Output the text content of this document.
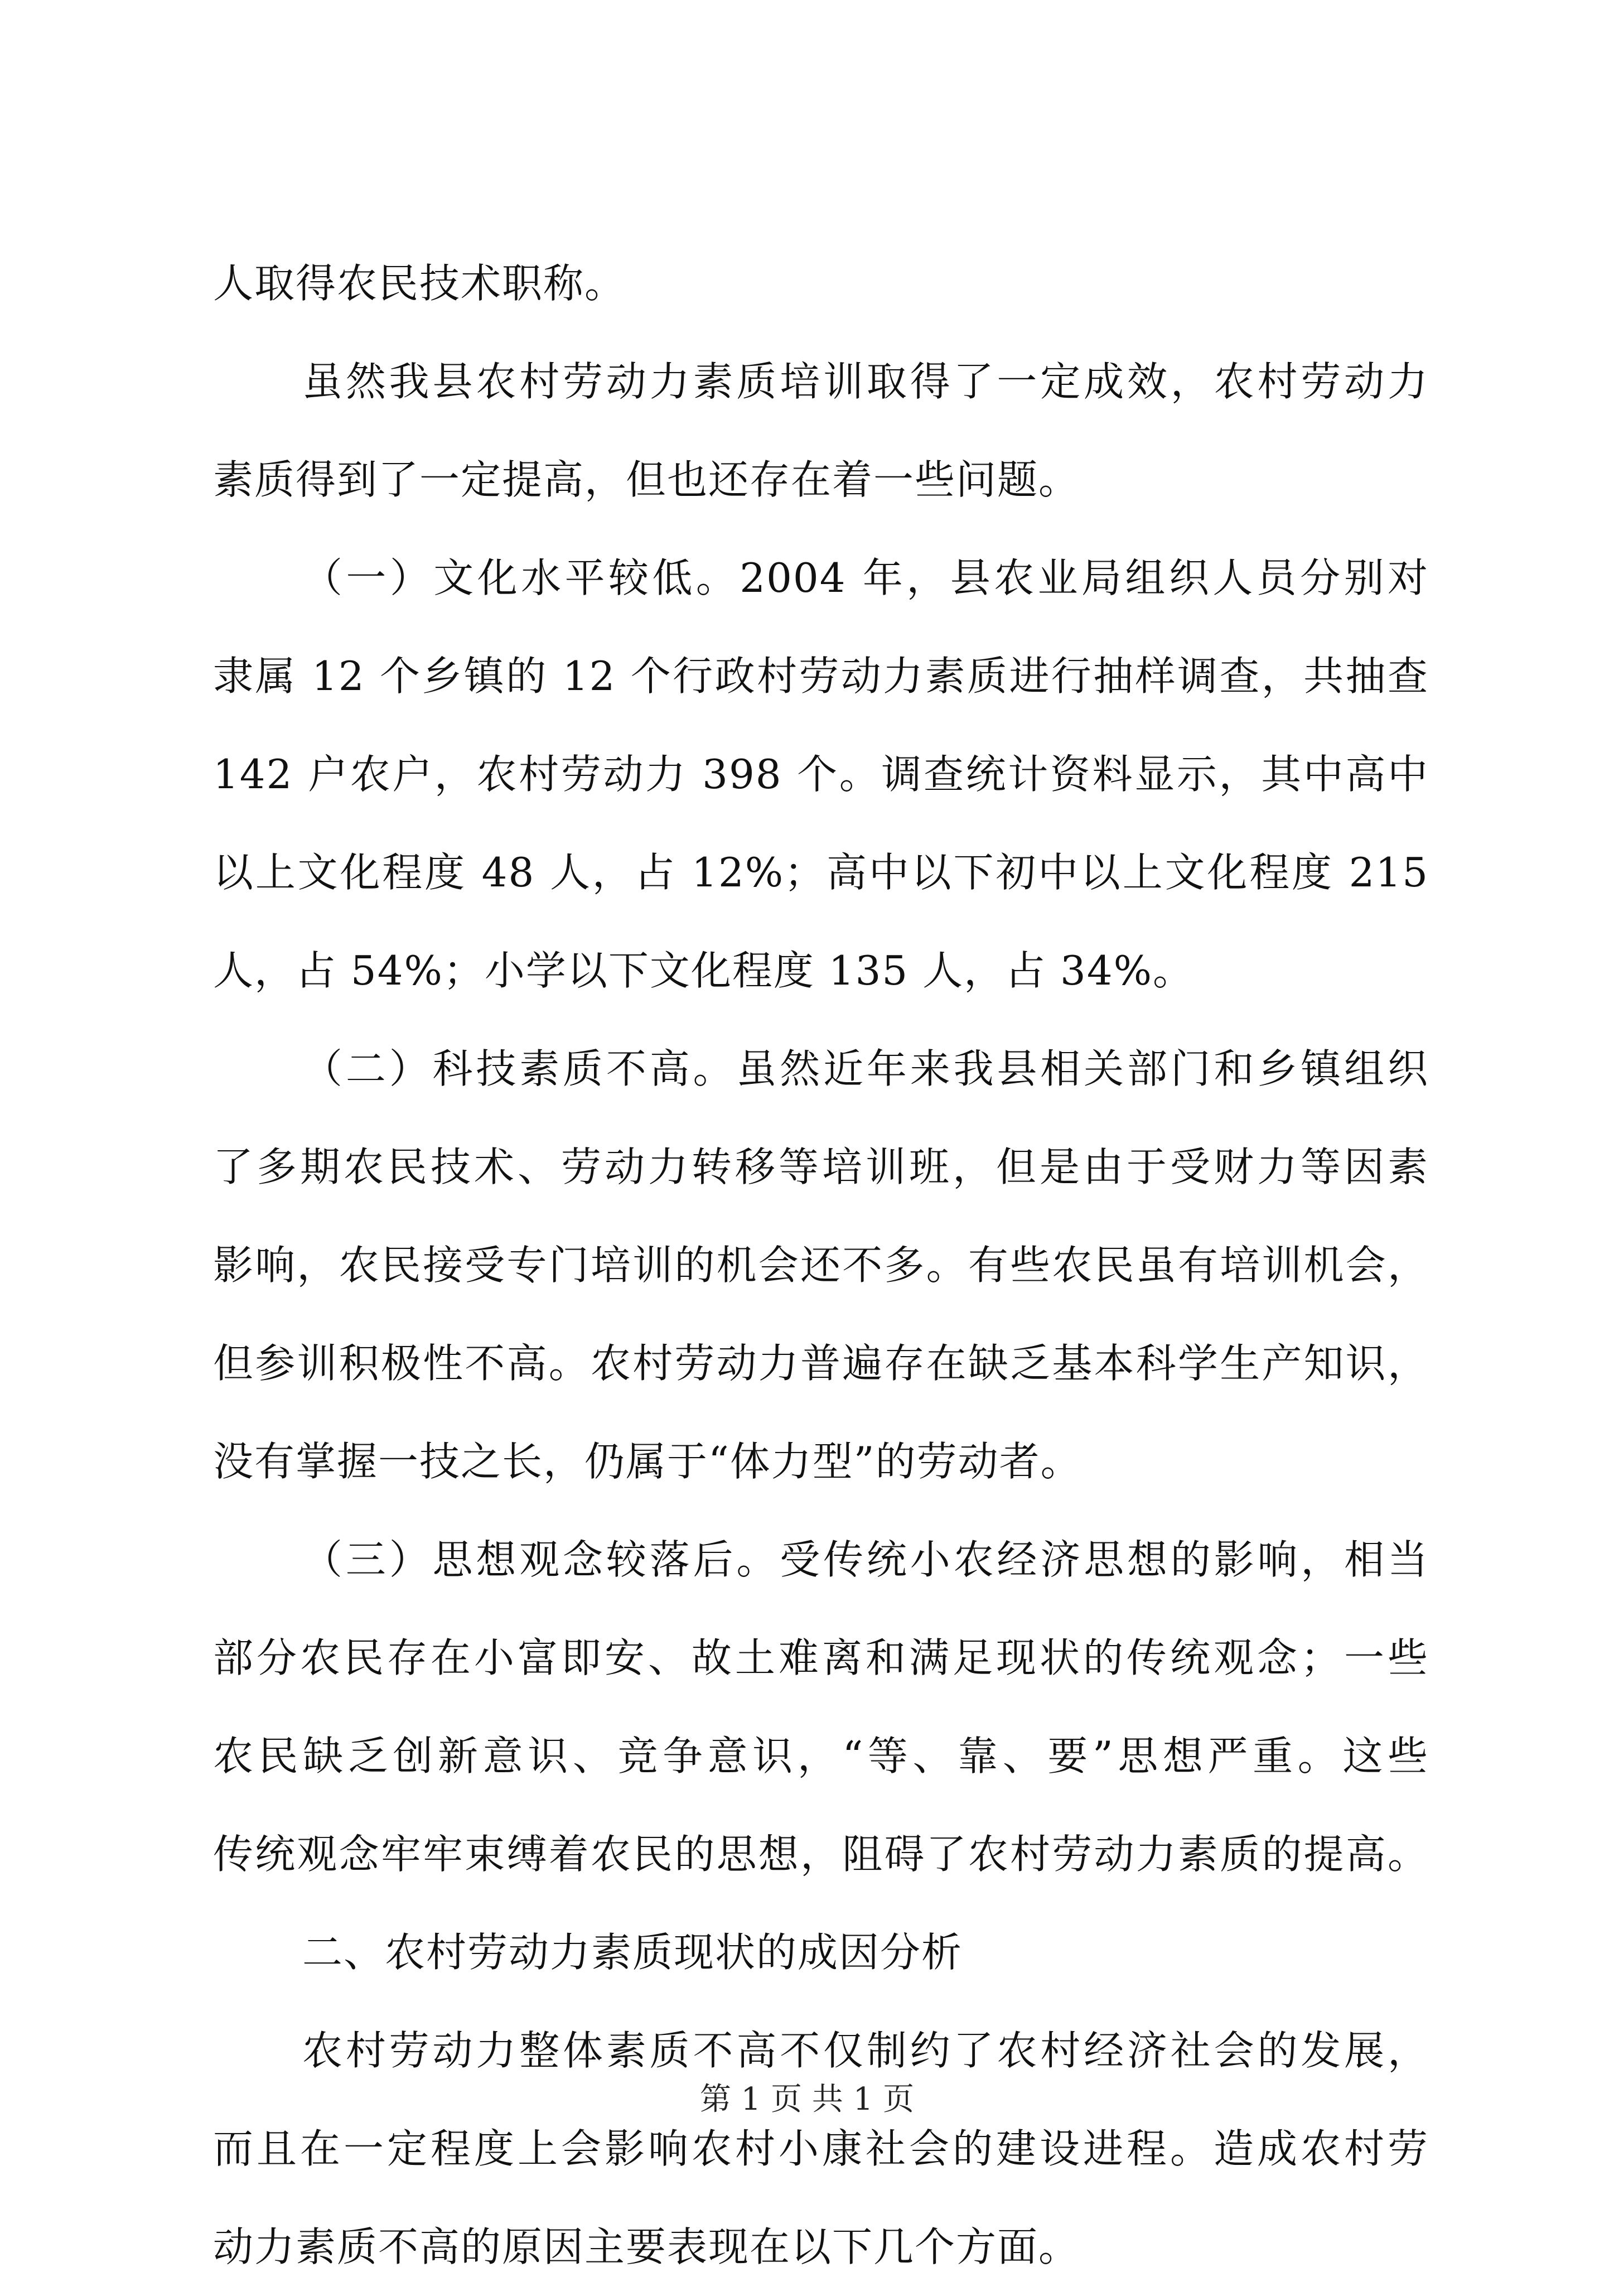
人取得农民技术职称。
虽然我县农村劳动力素质培训取得了一定成效，农村劳动力
素质得到了一定提高，但也还存在着一些问题。
（一）文化水平较低。2004 年，县农业局组织人员分别对
隶属 12 个乡镇的 12 个行政村劳动力素质进行抽样调查，共抽查
142 户农户，农村劳动力 398 个。调查统计资料显示，其中高中
以上文化程度 48 人，占 12%；高中以下初中以上文化程度 215
人，占 54%；小学以下文化程度 135 人，占 34%。
（二）科技素质不高。虽然近年来我县相关部门和乡镇组织
了多期农民技术、劳动力转移等培训班，但是由于受财力等因素
影响，农民接受专门培训的机会还不多。有些农民虽有培训机会，
但参训积极性不高。农村劳动力普遍存在缺乏基本科学生产知识，
没有掌握一技之长，仍属于“体力型”的劳动者。
（三）思想观念较落后。受传统小农经济思想的影响，相当
部分农民存在小富即安、故土难离和满足现状的传统观念；一些
农民缺乏创新意识、竞争意识，“等、靠、要”思想严重。这些
传统观念牢牢束缚着农民的思想，阻碍了农村劳动力素质的提高。
二、农村劳动力素质现状的成因分析
农村劳动力整体素质不高不仅制约了农村经济社会的发展，
而且在一定程度上会影响农村小康社会的建设进程。造成农村劳
动力素质不高的原因主要表现在以下几个方面。
第 1 页 共 1 页
